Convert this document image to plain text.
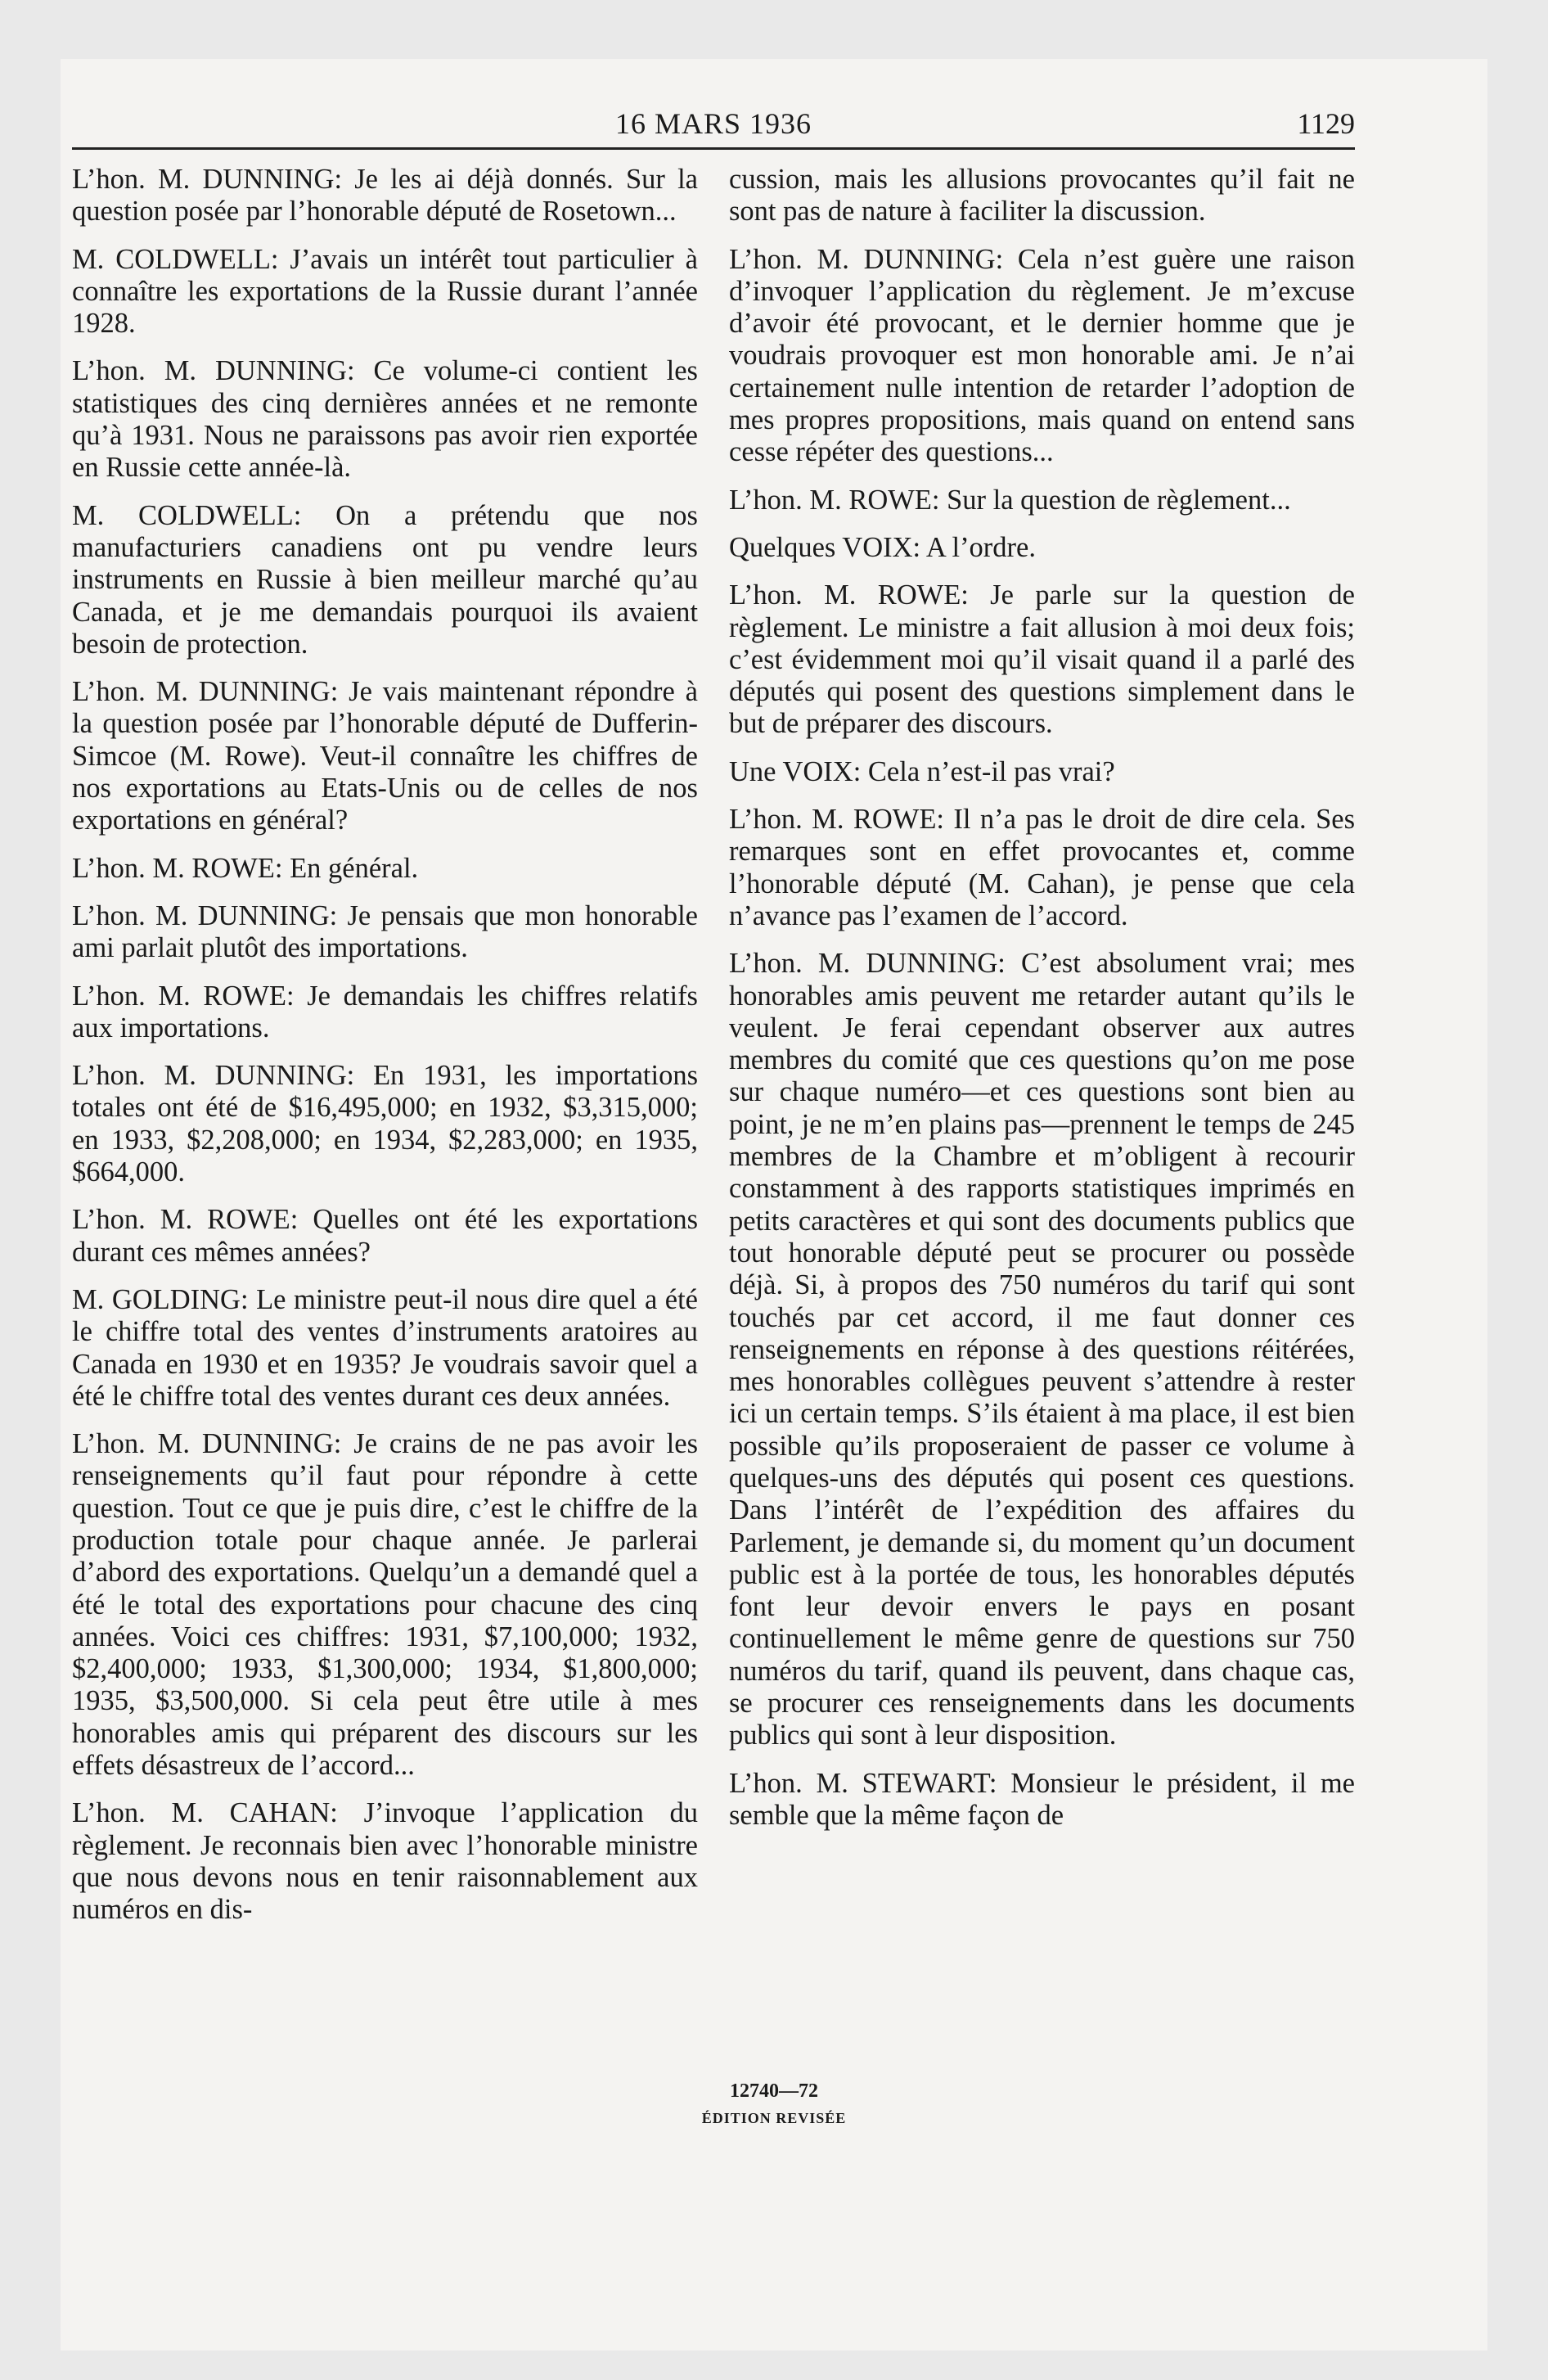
16 MARS 1936	1129

L’hon. M. DUNNING: Je les ai déjà donnés. Sur la question posée par l’honorable député de Rosetown...

M. COLDWELL: J’avais un intérêt tout particulier à connaître les exportations de la Russie durant l’année 1928.

L’hon. M. DUNNING: Ce volume-ci contient les statistiques des cinq dernières années et ne remonte qu’à 1931. Nous ne paraissons pas avoir rien exportée en Russie cette année-là.

M. COLDWELL: On a prétendu que nos manufacturiers canadiens ont pu vendre leurs instruments en Russie à bien meilleur marché qu’au Canada, et je me demandais pourquoi ils avaient besoin de protection.

L’hon. M. DUNNING: Je vais maintenant répondre à la question posée par l’honorable député de Dufferin-Simcoe (M. Rowe). Veut-il connaître les chiffres de nos exportations au Etats-Unis ou de celles de nos exportations en général?

L’hon. M. ROWE: En général.

L’hon. M. DUNNING: Je pensais que mon honorable ami parlait plutôt des importations.

L’hon. M. ROWE: Je demandais les chiffres relatifs aux importations.

L’hon. M. DUNNING: En 1931, les importations totales ont été de $16,495,000; en 1932, $3,315,000; en 1933, $2,208,000; en 1934, $2,283,000; en 1935, $664,000.

L’hon. M. ROWE: Quelles ont été les exportations durant ces mêmes années?

M. GOLDING: Le ministre peut-il nous dire quel a été le chiffre total des ventes d’instruments aratoires au Canada en 1930 et en 1935? Je voudrais savoir quel a été le chiffre total des ventes durant ces deux années.

L’hon. M. DUNNING: Je crains de ne pas avoir les renseignements qu’il faut pour répondre à cette question. Tout ce que je puis dire, c’est le chiffre de la production totale pour chaque année. Je parlerai d’abord des exportations. Quelqu’un a demandé quel a été le total des exportations pour chacune des cinq années. Voici ces chiffres: 1931, $7,100,000; 1932, $2,400,000; 1933, $1,300,000; 1934, $1,800,000; 1935, $3,500,000. Si cela peut être utile à mes honorables amis qui préparent des discours sur les effets désastreux de l’accord...

L’hon. M. CAHAN: J’invoque l’application du règlement. Je reconnais bien avec l’honorable ministre que nous devons nous en tenir raisonnablement aux numéros en dis-

cussion, mais les allusions provocantes qu’il fait ne sont pas de nature à faciliter la discussion.

L’hon. M. DUNNING: Cela n’est guère une raison d’invoquer l’application du règlement. Je m’excuse d’avoir été provocant, et le dernier homme que je voudrais provoquer est mon honorable ami. Je n’ai certainement nulle intention de retarder l’adoption de mes propres propositions, mais quand on entend sans cesse répéter des questions...

L’hon. M. ROWE: Sur la question de règlement...

Quelques VOIX: A l’ordre.

L’hon. M. ROWE: Je parle sur la question de règlement. Le ministre a fait allusion à moi deux fois; c’est évidemment moi qu’il visait quand il a parlé des députés qui posent des questions simplement dans le but de préparer des discours.

Une VOIX: Cela n’est-il pas vrai?

L’hon. M. ROWE: Il n’a pas le droit de dire cela. Ses remarques sont en effet provocantes et, comme l’honorable député (M. Cahan), je pense que cela n’avance pas l’examen de l’accord.

L’hon. M. DUNNING: C’est absolument vrai; mes honorables amis peuvent me retarder autant qu’ils le veulent. Je ferai cependant observer aux autres membres du comité que ces questions qu’on me pose sur chaque numéro—et ces questions sont bien au point, je ne m’en plains pas—prennent le temps de 245 membres de la Chambre et m’obligent à recourir constamment à des rapports statistiques imprimés en petits caractères et qui sont des documents publics que tout honorable député peut se procurer ou possède déjà. Si, à propos des 750 numéros du tarif qui sont touchés par cet accord, il me faut donner ces renseignements en réponse à des questions réitérées, mes honorables collègues peuvent s’attendre à rester ici un certain temps. S’ils étaient à ma place, il est bien possible qu’ils proposeraient de passer ce volume à quelques-uns des députés qui posent ces questions. Dans l’intérêt de l’expédition des affaires du Parlement, je demande si, du moment qu’un document public est à la portée de tous, les honorables députés font leur devoir envers le pays en posant continuellement le même genre de questions sur 750 numéros du tarif, quand ils peuvent, dans chaque cas, se procurer ces renseignements dans les documents publics qui sont à leur disposition.

L’hon. M. STEWART: Monsieur le président, il me semble que la même façon de

12740—72
ÉDITION REVISÉE
